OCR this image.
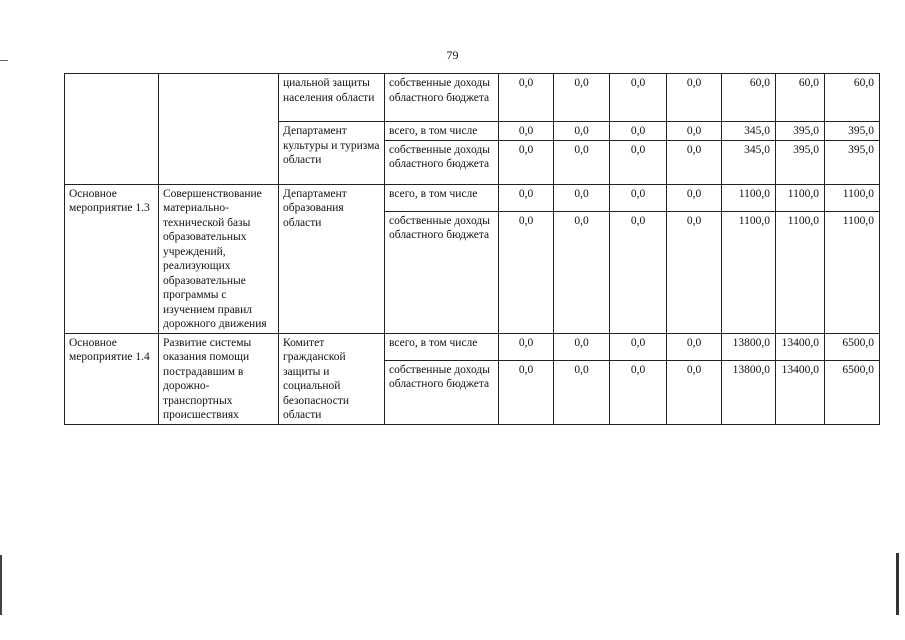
79
		циальной защиты населения области	собственные доходы областного бюджета	0,0	0,0	0,0	0,0	60,0	60,0	60,0
		Департамент культуры и туризма области	всего, в том числе	0,0	0,0	0,0	0,0	345,0	395,0	395,0
			собственные доходы областного бюджета	0,0	0,0	0,0	0,0	345,0	395,0	395,0
Основное мероприятие 1.3	Совершенствование материально-технической базы образовательных учреждений, реализующих образовательные программы с изучением правил дорожного движения	Департамент образования области	всего, в том числе	0,0	0,0	0,0	0,0	1100,0	1100,0	1100,0
			собственные доходы областного бюджета	0,0	0,0	0,0	0,0	1100,0	1100,0	1100,0
Основное мероприятие 1.4	Развитие системы оказания помощи пострадавшим в дорожно-транспортных происшествиях	Комитет гражданской защиты и социальной безопасности области	всего, в том числе	0,0	0,0	0,0	0,0	13800,0	13400,0	6500,0
			собственные доходы областного бюджета	0,0	0,0	0,0	0,0	13800,0	13400,0	6500,0
